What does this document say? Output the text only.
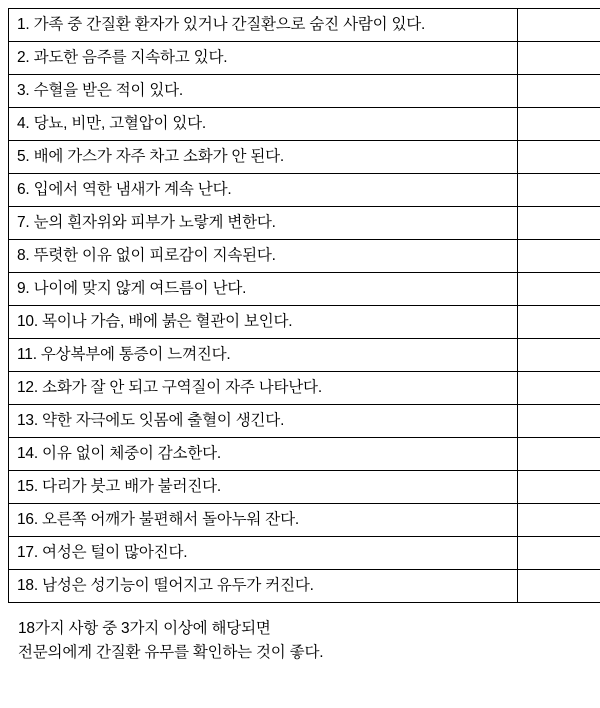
1. 가족 중 간질환 환자가 있거나 간질환으로 숨진 사람이 있다.	
2. 과도한 음주를 지속하고 있다.	
3. 수혈을 받은 적이 있다.	
4. 당뇨, 비만, 고혈압이 있다.	
5. 배에 가스가 자주 차고 소화가 안 된다.	
6. 입에서 역한 냄새가 계속 난다.	
7. 눈의 흰자위와 피부가 노랗게 변한다.	
8. 뚜렷한 이유 없이 피로감이 지속된다.	
9. 나이에 맞지 않게 여드름이 난다.	
10. 목이나 가슴, 배에 붉은 혈관이 보인다.	
11. 우상복부에 통증이 느껴진다.	
12. 소화가 잘 안 되고 구역질이 자주 나타난다.	
13. 약한 자극에도 잇몸에 출혈이 생긴다.	
14. 이유 없이 체중이 감소한다.	
15. 다리가 붓고 배가 불러진다.	
16. 오른쪽 어깨가 불편해서 돌아누워 잔다.	
17. 여성은 털이 많아진다.	
18. 남성은 성기능이 떨어지고 유두가 커진다.	
18가지 사항 중 3가지 이상에 해당되면
전문의에게 간질환 유무를 확인하는 것이 좋다.
